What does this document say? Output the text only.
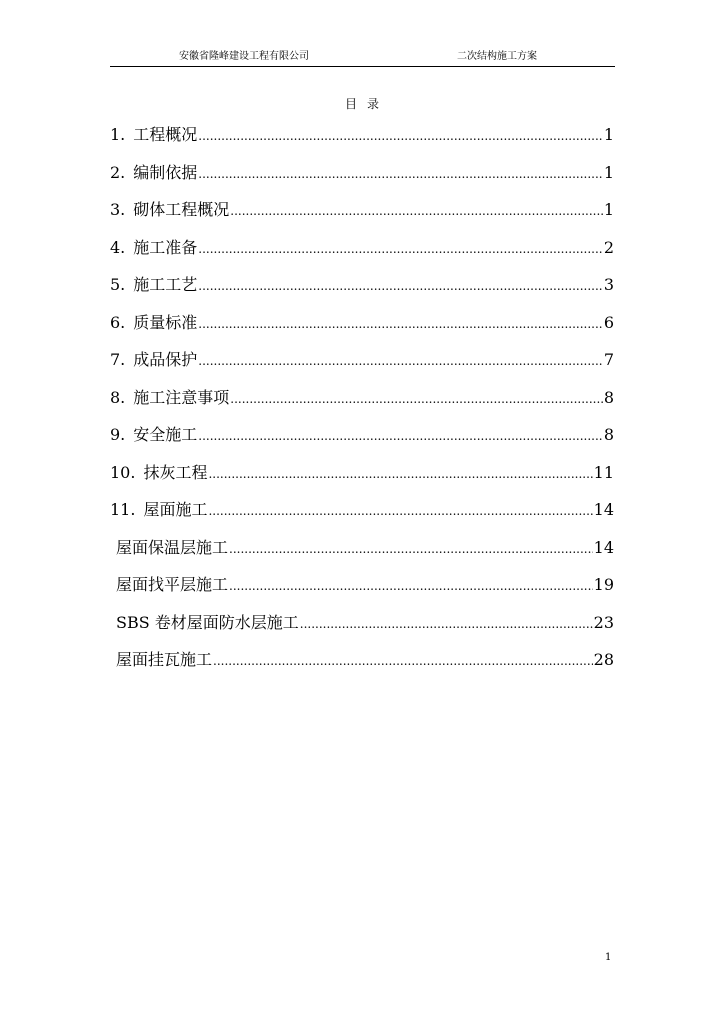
安徽省隆峰建设工程有限公司	二次结构施工方案
目录
1. 工程概况 .....	1
2. 编制依据 .....	1
3. 砌体工程概况 .....	1
4. 施工准备 .....	2
5. 施工工艺 .....	3
6. 质量标准 .....	6
7. 成品保护 .....	7
8. 施工注意事项 .....	8
9. 安全施工 .....	8
10. 抹灰工程 .....	11
11. 屋面施工 .....	14
屋面保温层施工 .....	14
屋面找平层施工 .....	19
SBS 卷材屋面防水层施工 .....	23
屋面挂瓦施工 .....	28
1
